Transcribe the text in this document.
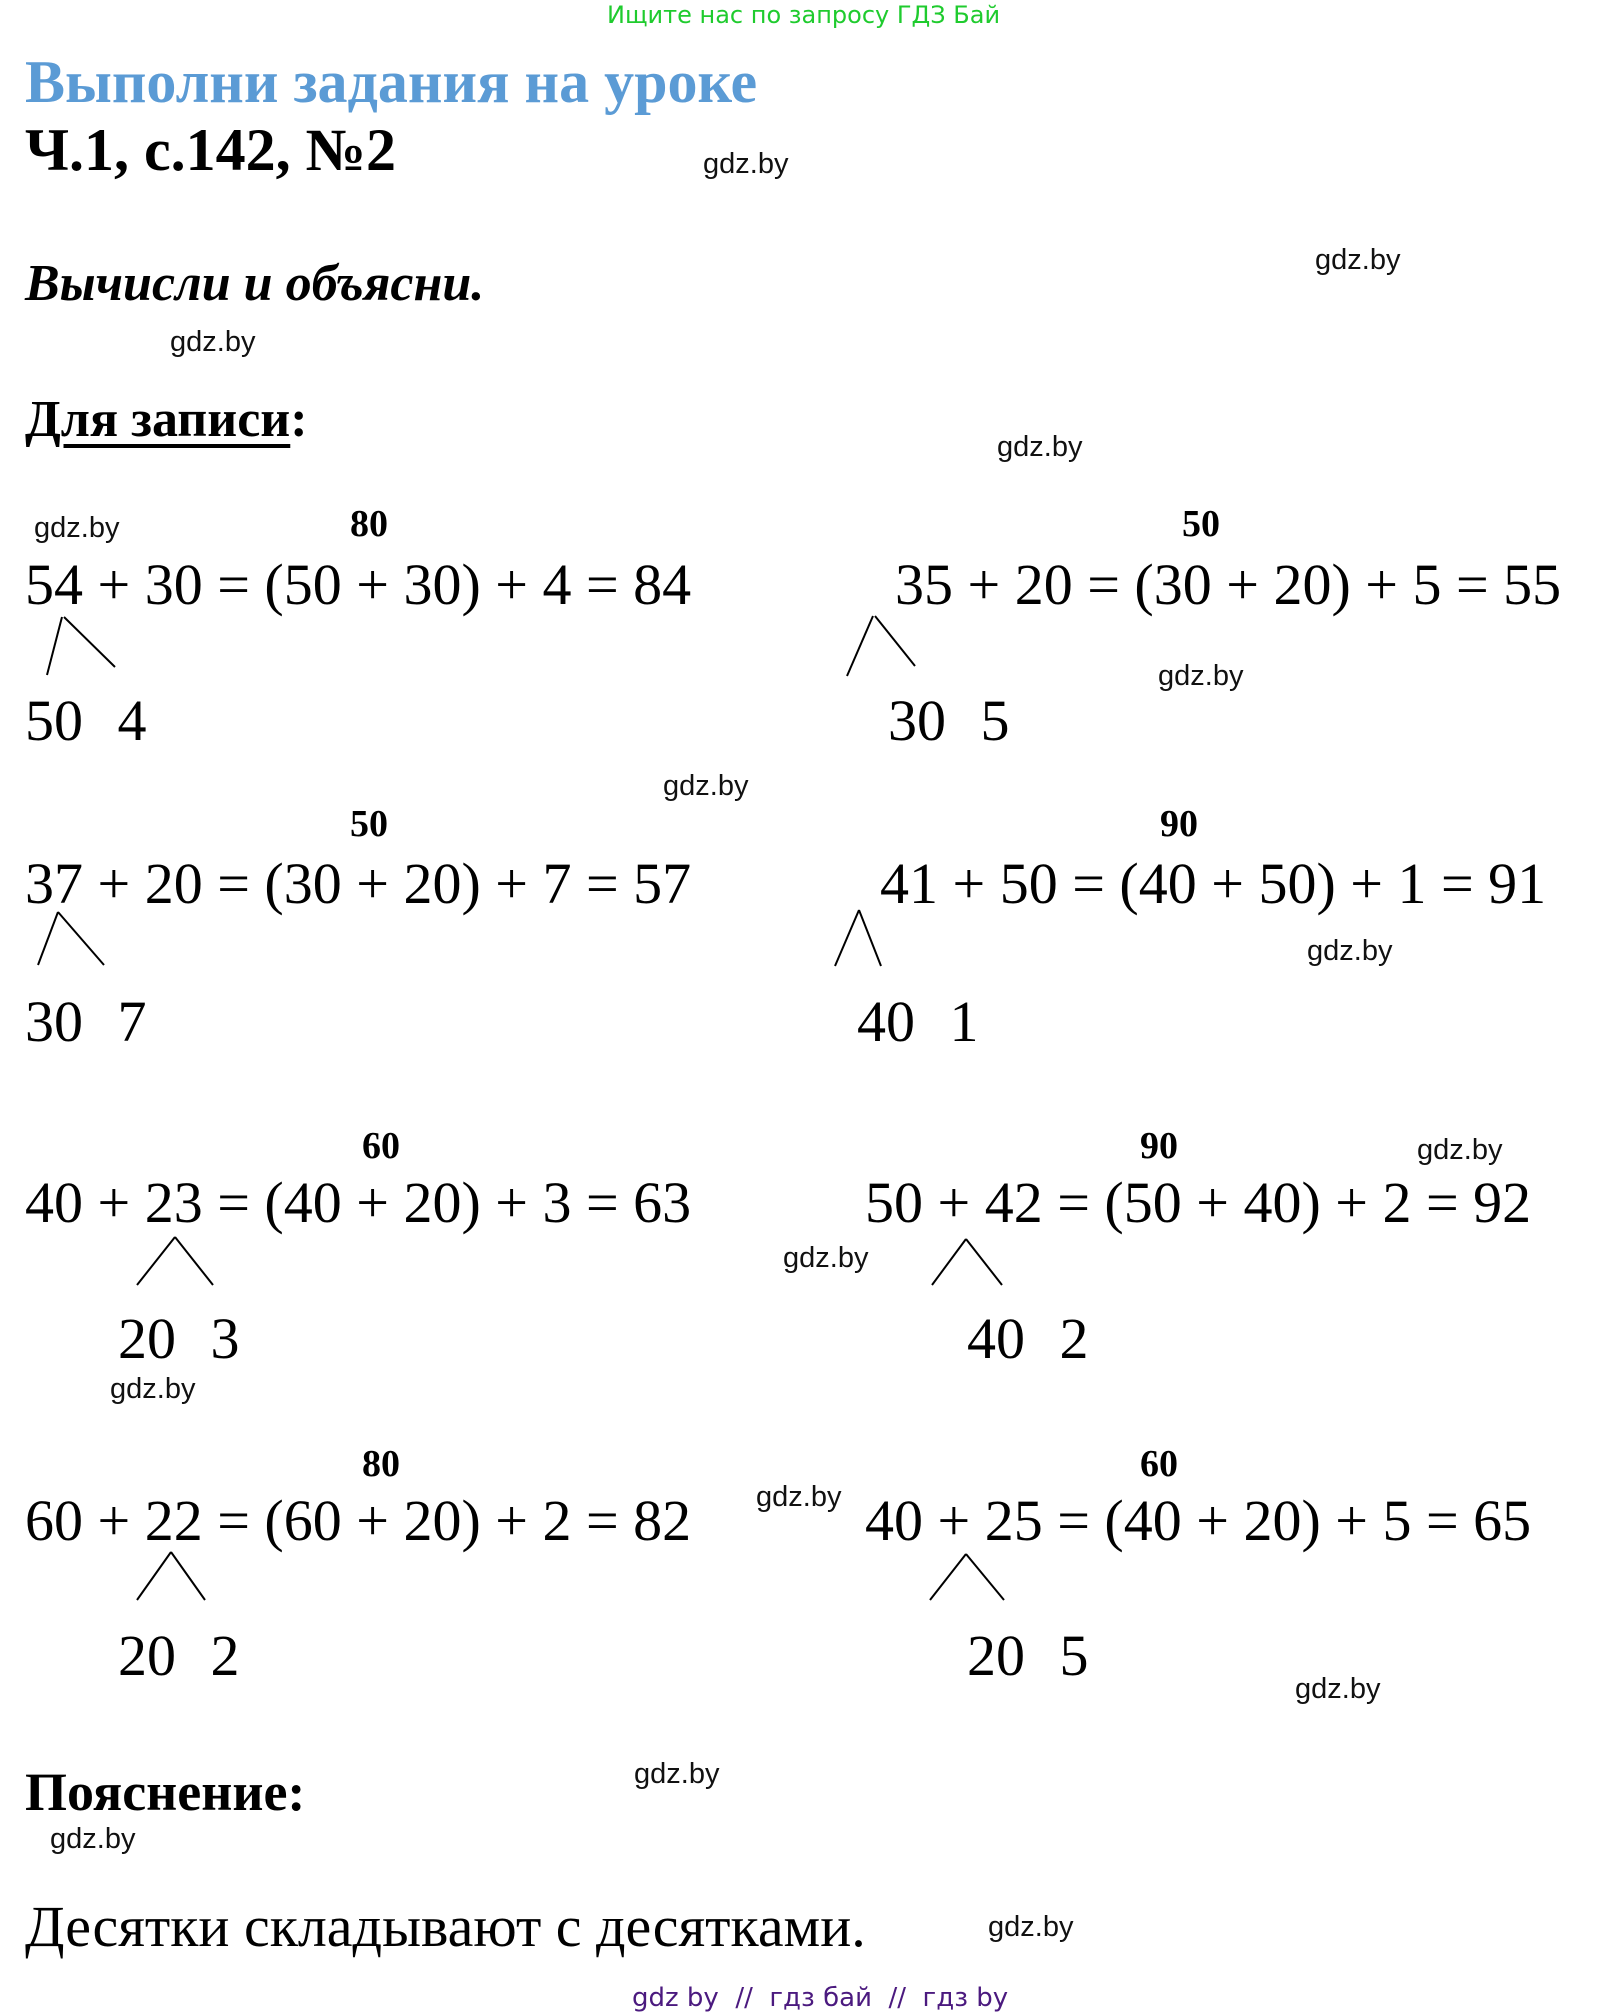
Ищите нас по запросу ГДЗ Бай
Выполни задания на уроке
Ч.1, с.142, №2
Вычисли и объясни.
Для записи:
80
54 + 30 = (50 + 30) + 4 = 84
50 4
50
35 + 20 = (30 + 20) + 5 = 55
30 5
50
37 + 20 = (30 + 20) + 7 = 57
30 7
90
41 + 50 = (40 + 50) + 1 = 91
40 1
60
40 + 23 = (40 + 20) + 3 = 63
20 3
90
50 + 42 = (50 + 40) + 2 = 92
40 2
80
60 + 22 = (60 + 20) + 2 = 82
20 2
60
40 + 25 = (40 + 20) + 5 = 65
20 5
Пояснение:
Десятки складывают с десятками.
gdz.by
gdz.by
gdz.by
gdz.by
gdz.by
gdz.by
gdz.by
gdz.by
gdz.by
gdz.by
gdz.by
gdz.by
gdz.by
gdz.by
gdz.by
gdz.by
gdz by  //  гдз бай  //  гдз by
